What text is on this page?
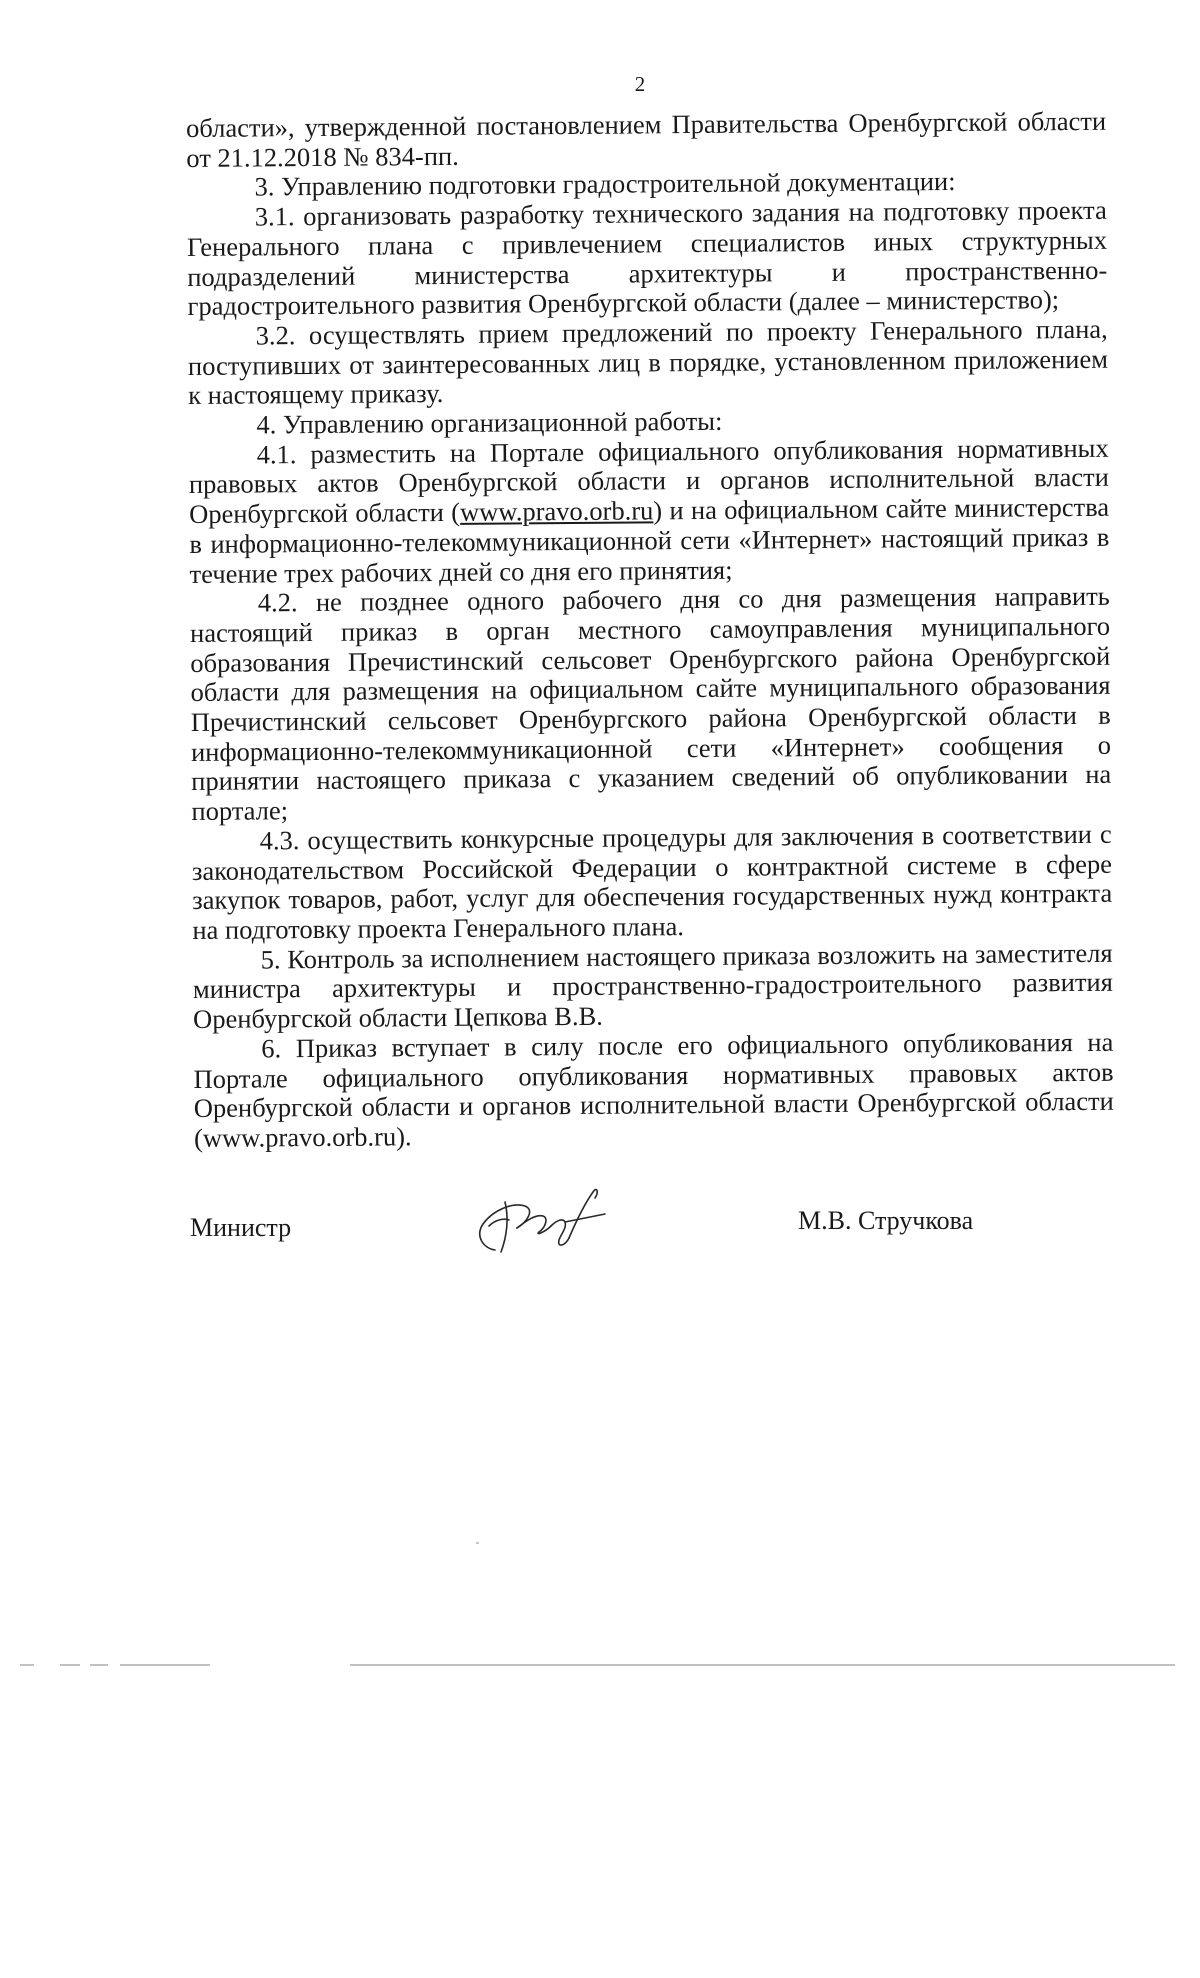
2

области», утвержденной постановлением Правительства Оренбургской области от 21.12.2018 № 834-пп.

3. Управлению подготовки градостроительной документации:

3.1. организовать разработку технического задания на подготовку проекта Генерального плана с привлечением специалистов иных структурных подразделений министерства архитектуры и пространственно-градостроительного развития Оренбургской области (далее – министерство);

3.2. осуществлять прием предложений по проекту Генерального плана, поступивших от заинтересованных лиц в порядке, установленном приложением к настоящему приказу.

4. Управлению организационной работы:

4.1. разместить на Портале официального опубликования нормативных правовых актов Оренбургской области и органов исполнительной власти Оренбургской области (www.pravo.orb.ru) и на официальном сайте министерства в информационно-телекоммуникационной сети «Интернет» настоящий приказ в течение трех рабочих дней со дня его принятия;

4.2. не позднее одного рабочего дня со дня размещения направить настоящий приказ в орган местного самоуправления муниципального образования Пречистинский сельсовет Оренбургского района Оренбургской области для размещения на официальном сайте муниципального образования Пречистинский сельсовет Оренбургского района Оренбургской области в информационно-телекоммуникационной сети «Интернет» сообщения о принятии настоящего приказа с указанием сведений об опубликовании на портале;

4.3. осуществить конкурсные процедуры для заключения в соответствии с законодательством Российской Федерации о контрактной системе в сфере закупок товаров, работ, услуг для обеспечения государственных нужд контракта на подготовку проекта Генерального плана.

5. Контроль за исполнением настоящего приказа возложить на заместителя министра архитектуры и пространственно-градостроительного развития Оренбургской области Цепкова В.В.

6. Приказ вступает в силу после его официального опубликования на Портале официального опубликования нормативных правовых актов Оренбургской области и органов исполнительной власти Оренбургской области (www.pravo.orb.ru).

Министр	М.В. Стручкова
